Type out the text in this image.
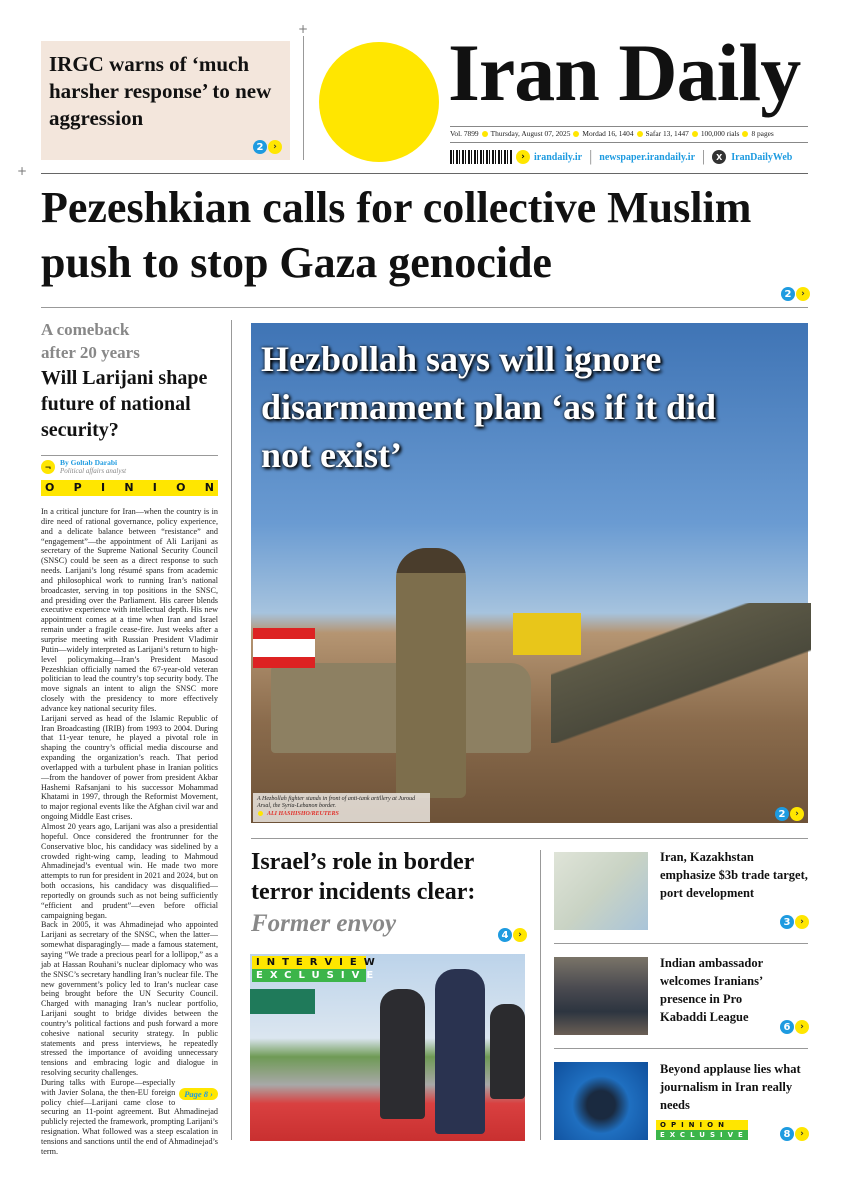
+
+
IRGC warns of ‘much harsher response’ to new aggression
2	›
Iran Daily
Vol. 7899 Thursday, August 07, 2025 Mordad 16, 1404 Safar 13, 1447 100,000 rials 8 pages
› irandaily.ir | newspaper.irandaily.ir |	X IranDailyWeb
Pezeshkian calls for collective Muslim push to stop Gaza genocide
2	›
A comeback after 20 years
Will Larijani shape future of national security?
¬	By Goltab Darabi
Political affairs analyst
O P I N I O N

In a critical juncture for Iran—when the country is in dire need of rational governance, policy experience, and a delicate balance between “resistance” and “engagement”—the appointment of Ali Larijani as secretary of the Supreme National Security Council (SNSC) could be seen as a direct response to such needs. Larijani’s long résumé spans from academic and philosophical work to running Iran’s national broadcaster, serving in top positions in the SNSC, and presiding over the Parliament. His career blends executive experience with intellectual depth. His new appointment comes at a time when Iran and Israel remain under a fragile cease-fire. Just weeks after a surprise meeting with Russian President Vladimir Putin—widely interpreted as Larijani’s return to high-level policymaking—Iran’s President Masoud Pezeshkian officially named the 67-year-old veteran politician to lead the country’s top security body. The move signals an intent to align the SNSC more closely with the presidency to more effectively advance key national security files.

Larijani served as head of the Islamic Republic of Iran Broadcasting (IRIB) from 1993 to 2004. During that 11-year tenure, he played a pivotal role in shaping the country’s official media discourse and expanding the organization’s reach. That period overlapped with a turbulent phase in Iranian politics—from the handover of power from president Akbar Hashemi Rafsanjani to his successor Mohammad Khatami in 1997, through the Reformist Movement, to major regional events like the Afghan civil war and ongoing Middle East crises.

Almost 20 years ago, Larijani was also a presidential hopeful. Once considered the frontrunner for the Conservative bloc, his candidacy was sidelined by a crowded right-wing camp, leading to Mahmoud Ahmadinejad’s eventual win. He made two more attempts to run for president in 2021 and 2024, but on both occasions, his candidacy was disqualified—reportedly on grounds such as not being sufficiently “efficient and prudent”—even before official campaigning began.

Back in 2005, it was Ahmadinejad who appointed Larijani as secretary of the SNSC, when the latter—somewhat disparagingly— made a famous statement, saying “We trade a precious pearl for a lollipop,” as a jab at Hassan Rouhani’s nuclear diplomacy who was the SNSC’s secretary handling Iran’s nuclear file. The new government’s policy led to Iran’s nuclear case being brought before the UN Security Council. Charged with managing Iran’s nuclear portfolio, Larijani sought to bridge divides between the country’s political factions and push forward a more cohesive national security strategy. In public statements and press interviews, he repeatedly stressed the importance of avoiding unnecessary tensions and embracing logic and dialogue in resolving security challenges.

Page 8 ›
During talks with Europe—especially with Javier Solana, the then-EU foreign policy chief—Larijani came close to securing an 11-point agreement. But Ahmadinejad publicly rejected the framework, prompting Larijani’s resignation. What followed was a steep escalation in tensions and sanctions until the end of Ahmadinejad’s term.

Hezbollah says will ignore disarmament plan ‘as if it did not exist’
A Hezbollah fighter stands in front of anti-tank artillery at Juroud Arsal, the Syria-Lebanon border.
ALI HASHISHO/REUTERS	2	›
Israel’s role in border terror incidents clear:
Former envoy	4	›
INTERVIEW
EXCLUSIVE
Iran, Kazakhstan emphasize $3b trade target, port development
3	›
Indian ambassador welcomes Iranians’ presence in Pro Kabaddi League
6	›
Beyond applause lies what journalism in Iran really needs
OPINION
EXCLUSIVE	8	›
